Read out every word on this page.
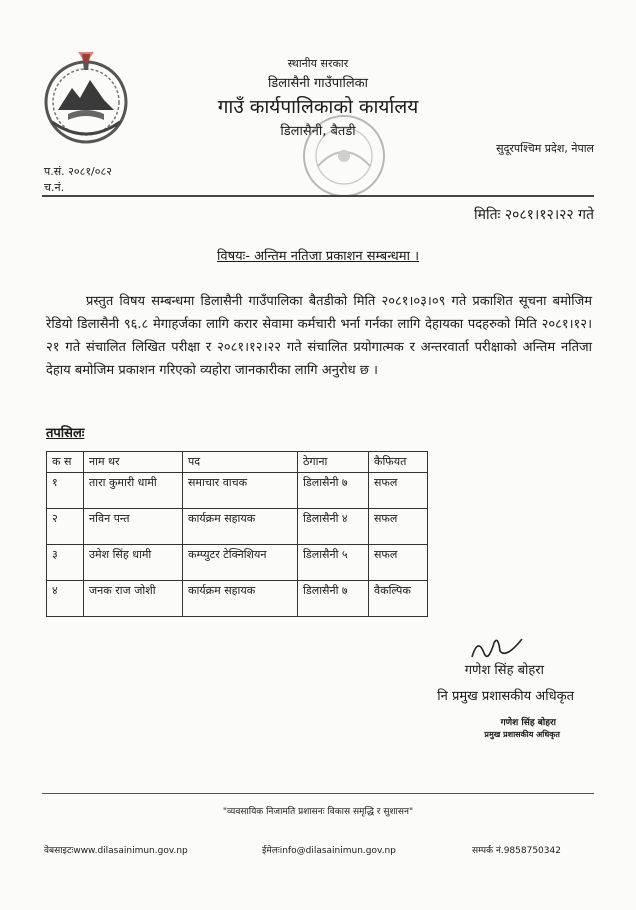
स्थानीय सरकार
डिलासैनी गाउँपालिका
गाउँ कार्यपालिकाको कार्यालय
डिलासैनी, बैतडी
सुदूरपश्चिम प्रदेश, नेपाल
प.सं. २०८१/०८२
च.नं.
मितिः २०८१।१२।२२ गते
विषयः- अन्तिम नतिजा प्रकाशन सम्बन्धमा ।
प्रस्तुत विषय सम्बन्धमा डिलासैनी गाउँपालिका बैतडीको मिति २०८१।०३।०९ गते प्रकाशित सूचना बमोजिम रेडियो डिलासैनी ९६.८ मेगाहर्जका लागि करार सेवामा कर्मचारी भर्ना गर्नका लागि देहायका पदहरुको मिति २०८१।१२।२१ गते संचालित लिखित परीक्षा र २०८१।१२।२२ गते संचालित प्रयोगात्मक र अन्तरवार्ता परीक्षाको अन्तिम नतिजा देहाय बमोजिम प्रकाशन गरिएको व्यहोरा जानकारीका लागि अनुरोध छ ।
तपसिलः
क स	नाम थर	पद	ठेगाना	कैफियत
१	तारा कुमारी धामी	समाचार वाचक	डिलासैनी ७	सफल
२	नविन पन्त	कार्यक्रम सहायक	डिलासैनी ४	सफल
३	उमेश सिंह धामी	कम्प्युटर टेक्निशियन	डिलासैनी ५	सफल
४	जनक राज जोशी	कार्यक्रम सहायक	डिलासैनी ७	वैकल्पिक
गणेश सिंह बोहरा
नि प्रमुख प्रशासकीय अधिकृत
गणेश सिंह बोहरा
प्रमुख प्रशासकीय अधिकृत
"व्यवसायिक निजामति प्रशासनः विकास समृद्धि र सुशासन"
वेबसाइटःwww.dilasainimun.gov.np	ईमेलःinfo@dilasainimun.gov.np	सम्पर्क नं.9858750342
